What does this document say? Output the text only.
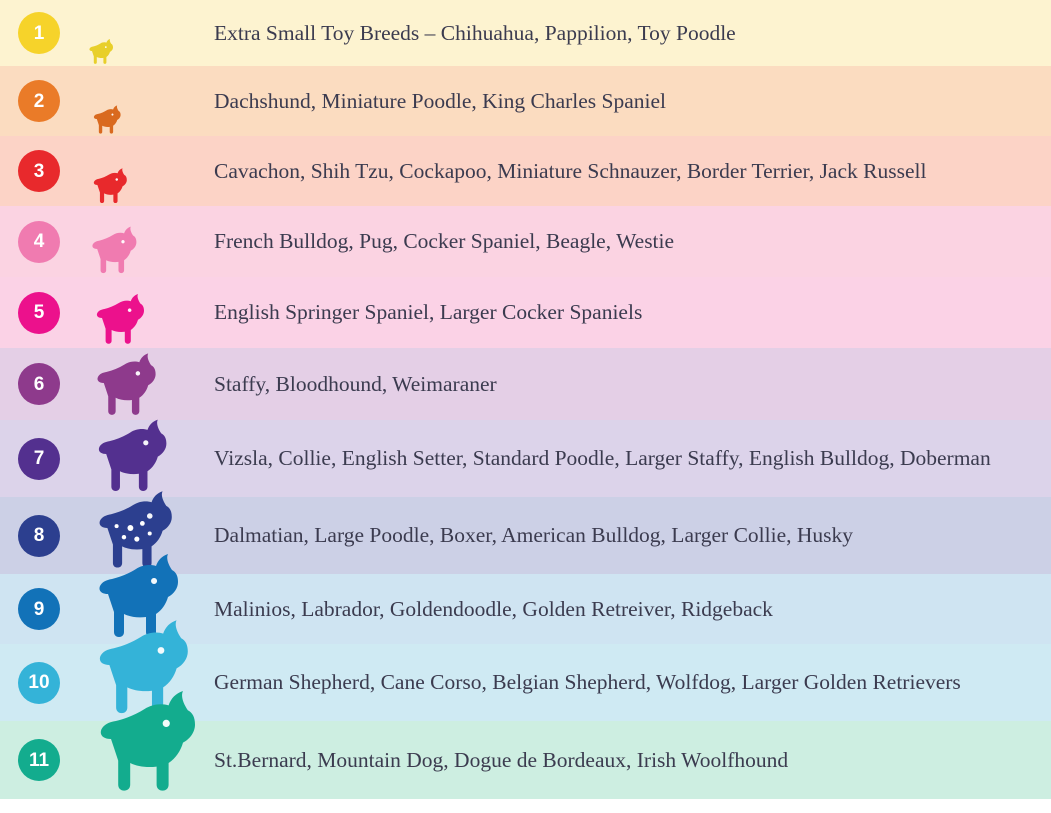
1	Extra Small Toy Breeds – Chihuahua, Pappilion, Toy Poodle
2	Dachshund, Miniature Poodle, King Charles Spaniel
3	Cavachon, Shih Tzu, Cockapoo, Miniature Schnauzer, Border Terrier, Jack Russell
4	French Bulldog, Pug, Cocker Spaniel, Beagle, Westie
5	English Springer Spaniel, Larger Cocker Spaniels
6	Staffy, Bloodhound, Weimaraner
7	Vizsla, Collie, English Setter, Standard Poodle, Larger Staffy, English Bulldog, Doberman
8	Dalmatian, Large Poodle, Boxer, American Bulldog, Larger Collie, Husky
9	Malinios, Labrador, Goldendoodle, Golden Retreiver, Ridgeback
10	German Shepherd, Cane Corso, Belgian Shepherd, Wolfdog, Larger Golden Retrievers
11	St.Bernard, Mountain Dog, Dogue de Bordeaux, Irish Woolfhound
